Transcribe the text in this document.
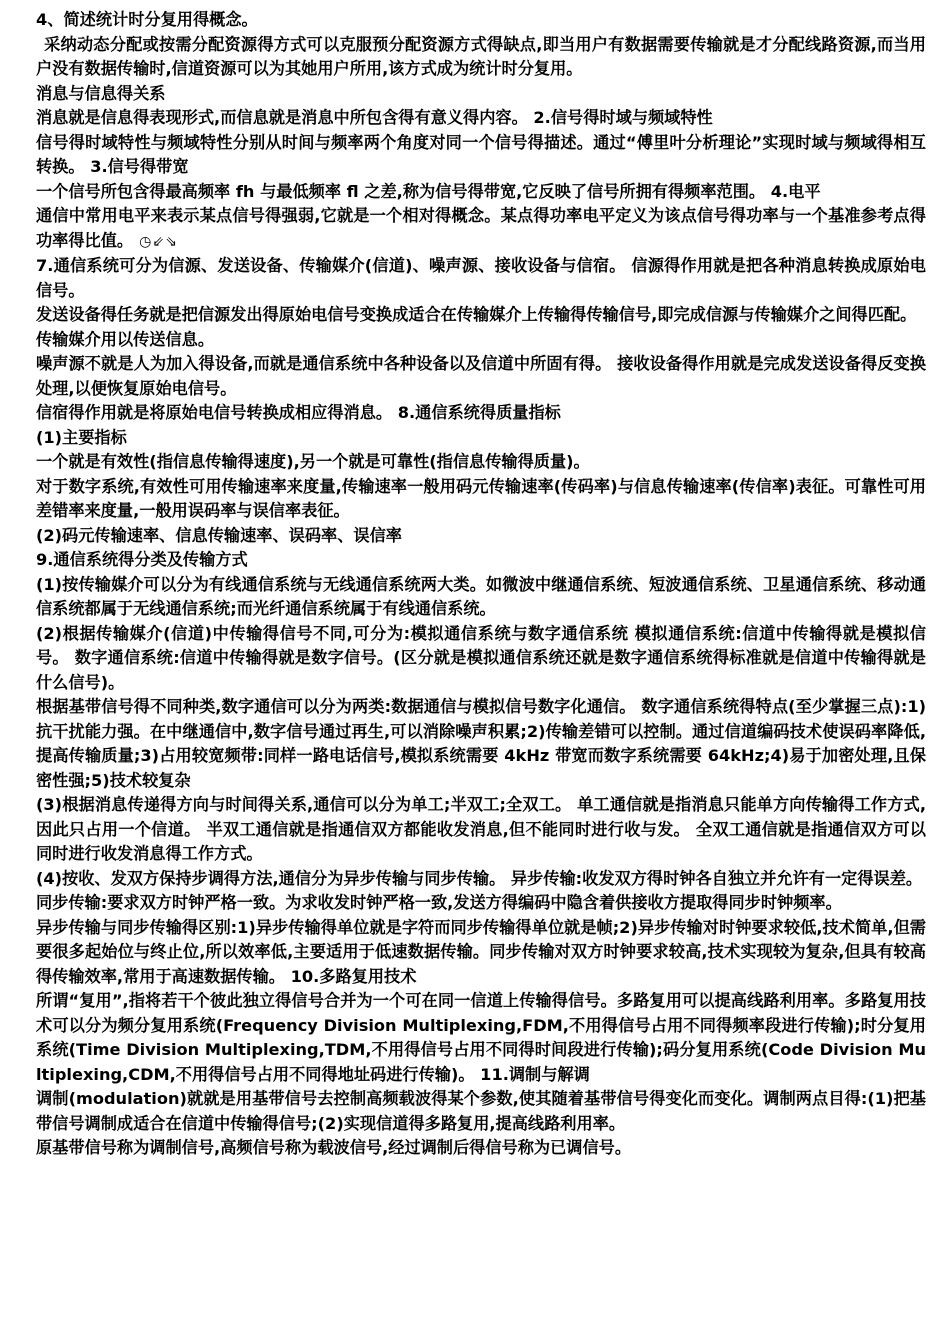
4、简述统计时分复用得概念。

采纳动态分配或按需分配资源得方式可以克服预分配资源方式得缺点,即当用户有数据需要传输就是才分配线路资源,而当用户没有数据传输时,信道资源可以为其她用户所用,该方式成为统计时分复用。

消息与信息得关系

消息就是信息得表现形式,而信息就是消息中所包含得有意义得内容。 2.信号得时域与频域特性

信号得时域特性与频域特性分别从时间与频率两个角度对同一个信号得描述。通过“傅里叶分析理论”实现时域与频域得相互转换。 3.信号得带宽

一个信号所包含得最高频率 fh 与最低频率 fl 之差,称为信号得带宽,它反映了信号所拥有得频率范围。 4.电平

通信中常用电平来表示某点信号得强弱,它就是一个相对得概念。某点得功率电平定义为该点信号得功率与一个基准参考点得功率得比值。 ◷⇙⇘

7.通信系统可分为信源、发送设备、传输媒介(信道)、噪声源、接收设备与信宿。 信源得作用就是把各种消息转换成原始电信号。

发送设备得任务就是把信源发出得原始电信号变换成适合在传输媒介上传输得传输信号,即完成信源与传输媒介之间得匹配。

传输媒介用以传送信息。

噪声源不就是人为加入得设备,而就是通信系统中各种设备以及信道中所固有得。 接收设备得作用就是完成发送设备得反变换处理,以便恢复原始电信号。

信宿得作用就是将原始电信号转换成相应得消息。 8.通信系统得质量指标

(1)主要指标

一个就是有效性(指信息传输得速度),另一个就是可靠性(指信息传输得质量)。

对于数字系统,有效性可用传输速率来度量,传输速率一般用码元传输速率(传码率)与信息传输速率(传信率)表征。可靠性可用差错率来度量,一般用误码率与误信率表征。

(2)码元传输速率、信息传输速率、误码率、误信率

9.通信系统得分类及传输方式

(1)按传输媒介可以分为有线通信系统与无线通信系统两大类。如微波中继通信系统、短波通信系统、卫星通信系统、移动通信系统都属于无线通信系统;而光纤通信系统属于有线通信系统。

(2)根据传输媒介(信道)中传输得信号不同,可分为:模拟通信系统与数字通信系统 模拟通信系统:信道中传输得就是模拟信号。 数字通信系统:信道中传输得就是数字信号。(区分就是模拟通信系统还就是数字通信系统得标准就是信道中传输得就是什么信号)。

根据基带信号得不同种类,数字通信可以分为两类:数据通信与模拟信号数字化通信。 数字通信系统得特点(至少掌握三点):1)抗干扰能力强。在中继通信中,数字信号通过再生,可以消除噪声积累;2)传输差错可以控制。通过信道编码技术使误码率降低,提高传输质量;3)占用较宽频带:同样一路电话信号,模拟系统需要 4kHz 带宽而数字系统需要 64kHz;4)易于加密处理,且保密性强;5)技术较复杂

(3)根据消息传递得方向与时间得关系,通信可以分为单工;半双工;全双工。 单工通信就是指消息只能单方向传输得工作方式,因此只占用一个信道。 半双工通信就是指通信双方都能收发消息,但不能同时进行收与发。 全双工通信就是指通信双方可以同时进行收发消息得工作方式。

(4)按收、发双方保持步调得方法,通信分为异步传输与同步传输。 异步传输:收发双方得时钟各自独立并允许有一定得误差。

同步传输:要求双方时钟严格一致。为求收发时钟严格一致,发送方得编码中隐含着供接收方提取得同步时钟频率。

异步传输与同步传输得区别:1)异步传输得单位就是字符而同步传输得单位就是帧;2)异步传输对时钟要求较低,技术简单,但需要很多起始位与终止位,所以效率低,主要适用于低速数据传输。同步传输对双方时钟要求较高,技术实现较为复杂,但具有较高得传输效率,常用于高速数据传输。 10.多路复用技术

所谓“复用”,指将若干个彼此独立得信号合并为一个可在同一信道上传输得信号。多路复用可以提高线路利用率。多路复用技术可以分为频分复用系统(Frequency Division Multiplexing,FDM,不用得信号占用不同得频率段进行传输);时分复用系统(Time Division Multiplexing,TDM,不用得信号占用不同得时间段进行传输);码分复用系统(Code Division Multiplexing,CDM,不用得信号占用不同得地址码进行传输)。 11.调制与解调

调制(modulation)就就是用基带信号去控制高频载波得某个参数,使其随着基带信号得变化而变化。调制两点目得:(1)把基带信号调制成适合在信道中传输得信号;(2)实现信道得多路复用,提高线路利用率。

原基带信号称为调制信号,高频信号称为载波信号,经过调制后得信号称为已调信号。
